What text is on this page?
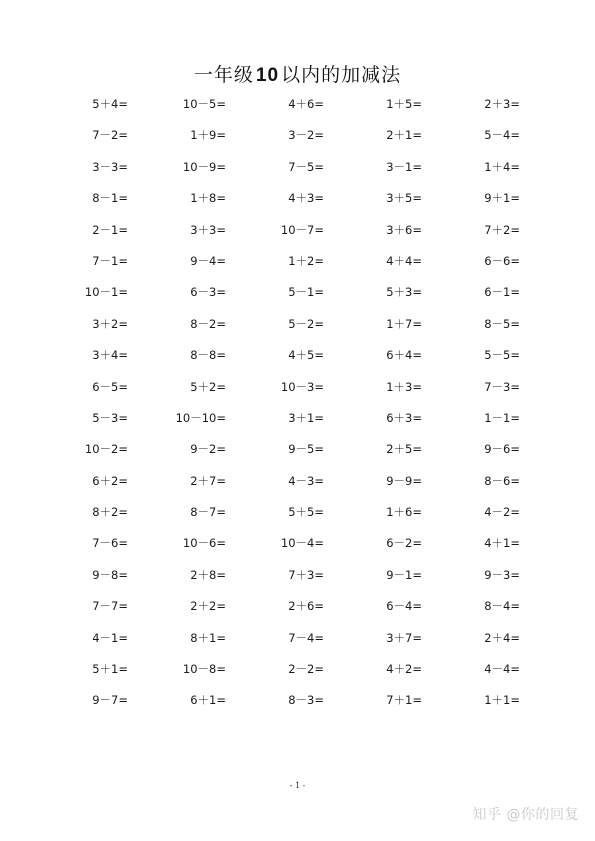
一年级 10 以内的加减法
5＋4=	10－5=	4＋6=	1＋5=	2＋3=
7－2=	1＋9=	3－2=	2＋1=	5－4=
3－3=	10－9=	7－5=	3－1=	1＋4=
8－1=	1＋8=	4＋3=	3＋5=	9＋1=
2－1=	3＋3=	10－7=	3＋6=	7＋2=
7－1=	9－4=	1＋2=	4＋4=	6－6=
10－1=	6－3=	5－1=	5＋3=	6－1=
3＋2=	8－2=	5－2=	1＋7=	8－5=
3＋4=	8－8=	4＋5=	6＋4=	5－5=
6－5=	5＋2=	10－3=	1＋3=	7－3=
5－3=	10－10=	3＋1=	6＋3=	1－1=
10－2=	9－2=	9－5=	2＋5=	9－6=
6＋2=	2＋7=	4－3=	9－9=	8－6=
8＋2=	8－7=	5＋5=	1＋6=	4－2=
7－6=	10－6=	10－4=	6－2=	4＋1=
9－8=	2＋8=	7＋3=	9－1=	9－3=
7－7=	2＋2=	2＋6=	6－4=	8－4=
4－1=	8＋1=	7－4=	3＋7=	2＋4=
5＋1=	10－8=	2－2=	4＋2=	4－4=
9－7=	6＋1=	8－3=	7＋1=	1＋1=
- 1 -
知乎 @你的回复
